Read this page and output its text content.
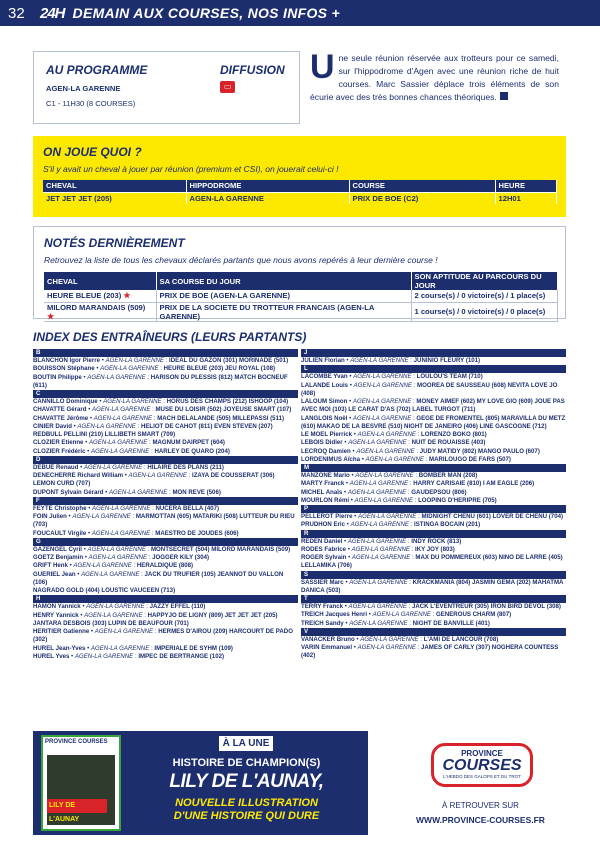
32	24H DEMAIN AUX COURSES, NOS INFOS +
AU PROGRAMME	DIFFUSION
▭
AGEN-LA GARENNE
C1 - 11H30 (8 COURSES)
Une seule réunion réservée aux trotteurs pour ce samedi, sur l'hippodrome d'Agen avec une réunion riche de huit courses. Marc Sassier déplace trois éléments de son écurie avec des très bonnes chances théoriques.
ON JOUE QUOI ?
S'il y avait un cheval à jouer par réunion (premium et CSI), on jouerait celui-ci !
CHEVAL	HIPPODROME	COURSE	HEURE
JET JET JET (205)	AGEN-LA GARENNE	PRIX DE BOE (C2)	12H01
NOTÉS DERNIÈREMENT
Retrouvez la liste de tous les chevaux déclarés partants que nous avons repérés à leur dernière course !
CHEVAL	SA COURSE DU JOUR	SON APTITUDE AU PARCOURS DU JOUR
HEURE BLEUE (203) ★	PRIX DE BOE (AGEN-LA GARENNE)	2 course(s) / 0 victoire(s) / 1 place(s)
MILORD MARANDAIS (509) ★	PRIX DE LA SOCIETE DU TROTTEUR FRANCAIS (AGEN-LA GARENNE)	1 course(s) / 0 victoire(s) / 0 place(s)
INDEX DES ENTRAÎNEURS (LEURS PARTANTS)
B
BLANCHON Igor Pierre • AGEN-LA GARENNE : IDEAL DU GAZON (301) MORINADE (501)
BOUISSON Stéphane • AGEN-LA GARENNE : HEURE BLEUE (203) JEU ROYAL (108)
BOUTIN Philippe • AGEN-LA GARENNE : HARISON DU PLESSIS (812) MATCH BOCNEUF (611)
C
CANNILLO Dominique • AGEN-LA GARENNE : HORUS DES CHAMPS (212) ISHOOP (104)
CHAVATTE Gérard • AGEN-LA GARENNE : MUSE DU LOISIR (502) JOYEUSE SMART (107)
CHAVATTE Jérôme • AGEN-LA GARENNE : MACH DELALANDE (505) MILLEPASSI (511)
CINIER David • AGEN-LA GARENNE : HELIOT DE CAHOT (811) EVEN STEVEN (207)
REDBULL PELLINI (210) LILLIBETH SMART (709)
CLOZIER Etienne • AGEN-LA GARENNE : MAGNUM DAIRPET (604)
CLOZIER Frédéric • AGEN-LA GARENNE : HARLEY DE QUARO (204)
D
DEBUE Renaud • AGEN-LA GARENNE : HILAIRE DES PLANS (211)
DENECHERRE Richard William • AGEN-LA GARENNE : IZAYA DE COUSSERAT (306) LEMON CURD (707)
DUPONT Sylvain Gérard • AGEN-LA GARENNE : MON REVE (506)
F
FEYTE Christophe • AGEN-LA GARENNE : NUCERA BELLA (407)
FOIN Julien • AGEN-LA GARENNE : MARMOTTAN (605) MATARIKI (508) LUTTEUR DU RIEU (703)
FOUCAULT Virgile • AGEN-LA GARENNE : MAESTRO DE JOUDES (606)
G
GAZENGEL Cyril • AGEN-LA GARENNE : MONTSECRET (504) MILORD MARANDAIS (509)
GOETZ Benjamin • AGEN-LA GARENNE : JOGGER KILY (304)
GRIFT Henk • AGEN-LA GARENNE : HERALDIQUE (808)
GUERIEL Jean • AGEN-LA GARENNE : JACK DU TRUFIER (105) JEANNOT DU VALLON (106)
NAGRADO GOLD (404) LOUSTIC VAUCEEN (713)
H
HAMON Yannick • AGEN-LA GARENNE : JAZZY EFFEL (110)
HENRY Yannick • AGEN-LA GARENNE : HAPPYJO DE LIGNY (809) JET JET JET (205)
JANTARA DESBOIS (303) LUPIN DE BEAUFOUR (701)
HERITIER Gatienne • AGEN-LA GARENNE : HERMES D'AIROU (209) HARCOURT DE PADO (302)
HUREL Jean-Yves • AGEN-LA GARENNE : IMPERIALE DE SYHM (109)
HUREL Yves • AGEN-LA GARENNE : IMPEC DE BERTRANGE (102)
J
JULIEN Florian • AGEN-LA GARENNE : JUNINIO FLEURY (101)
L
LACOMBE Yvan • AGEN-LA GARENNE : LOULOU'S TEAM (710)
LALANDE Louis • AGEN-LA GARENNE : MOOREA DE SAUSSEAU (608) NEVITA LOVE JO (408)
LALOUM Simon • AGEN-LA GARENNE : MONEY AIMEF (602) MY LOVE GIO (609) JOUE PAS AVEC MOI (103) LE CARAT D'AS (702) LABEL TURGOT (711)
LANGLOIS Noël • AGEN-LA GARENNE : GEGE DE FROMENTEL (805) MARAVILLA DU METZ (610) MAKAO DE LA BESVRE (510) NIGHT DE JANEIRO (406) LINE GASCOGNE (712)
LE MOEL Pierrick • AGEN-LA GARENNE : LORENZO BOKO (801)
LEBOIS Didier • AGEN-LA GARENNE : NUIT DE ROUAISSE (403)
LECROQ Damien • AGEN-LA GARENNE : JUDY MATIDY (802) MANGO PAULO (607)
LORDENIMUS Aïcha • AGEN-LA GARENNE : MARILOUGO DE FARS (507)
M
MANZONE Mario • AGEN-LA GARENNE : BOMBER MAN (208)
MARTY Franck • AGEN-LA GARENNE : HARRY CARISAIE (810) I AM EAGLE (206)
MICHEL Anaïs • AGEN-LA GARENNE : GAUDEPSOU (806)
MOURLON Rémi • AGEN-LA GARENNE : LOOPING D'HERIPRE (705)
P
PELLEROT Pierre • AGEN-LA GARENNE : MIDNIGHT CHENU (601) LOVER DE CHENU (704)
PRUDHON Eric • AGEN-LA GARENNE : ISTINGA BOCAIN (201)
R
REDEN Daniel • AGEN-LA GARENNE : INDY ROCK (813)
RODES Fabrice • AGEN-LA GARENNE : IKY JOY (803)
ROGER Sylvain • AGEN-LA GARENNE : MAX DU POMMEREUX (603) NINO DE LARRE (405) LELLAMIKA (706)
S
SASSIER Marc • AGEN-LA GARENNE : KRACKMANIA (804) JASMIN GEMA (202) MAHATMA DANICA (503)
T
TERRY Franck • AGEN-LA GARENNE : JACK L'EVENTREUR (305) IRON BIRD DEVOL (308)
TREICH Jacques Henri • AGEN-LA GARENNE : GENEROUS CHARM (807)
TREICH Sandy • AGEN-LA GARENNE : NIGHT DE BANVILLE (401)
V
VANACKER Bruno • AGEN-LA GARENNE : L'AMI DE LANCOUR (708)
VARIN Emmanuel • AGEN-LA GARENNE : JAMES OF CARLY (307) NOGHERA COUNTESS (402)
PROVINCE COURSES
LILY DE L'AUNAY
À LA UNE
HISTOIRE DE CHAMPION(S)
LILY DE L'AUNAY,
NOUVELLE ILLUSTRATION
D'UNE HISTOIRE QUI DURE
PROVINCE
COURSES
L'HEBDO DES GALOPS ET DU TROT
À RETROUVER SUR
WWW.PROVINCE-COURSES.FR
